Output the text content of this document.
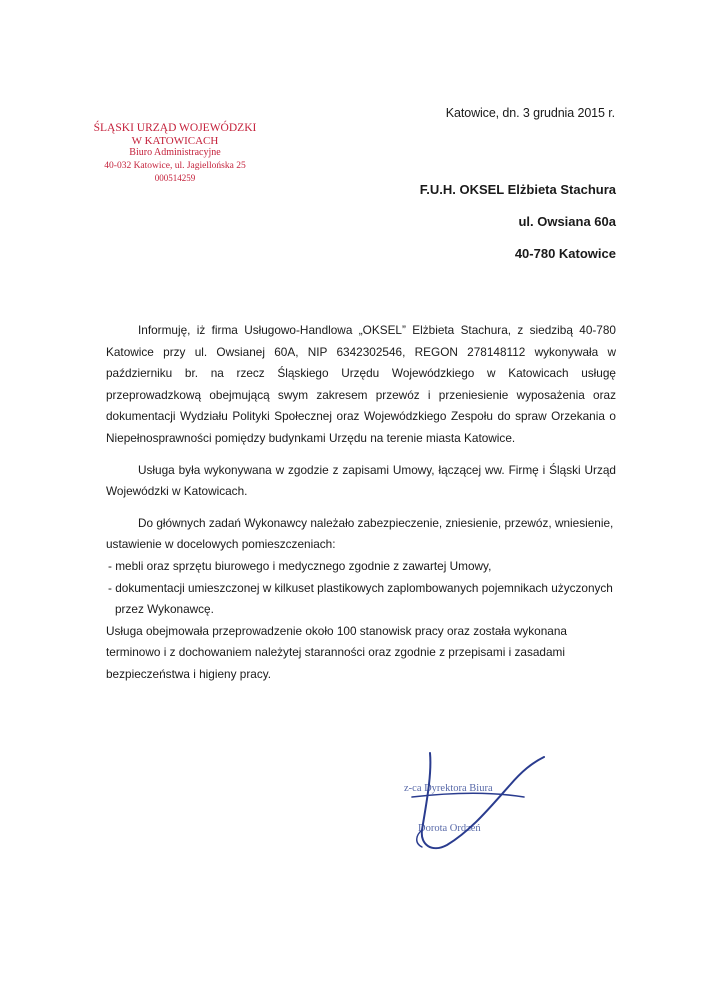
Katowice, dn. 3 grudnia 2015 r.
ŚLĄSKI URZĄD WOJEWÓDZKI
W KATOWICACH
Biuro Administracyjne
40-032 Katowice, ul. Jagiellońska 25
000514259
F.U.H. OKSEL Elżbieta Stachura
ul. Owsiana 60a
40-780 Katowice

Informuję, iż firma Usługowo-Handlowa „OKSEL” Elżbieta Stachura, z siedzibą 40-780 Katowice przy ul. Owsianej 60A, NIP 6342302546, REGON 278148112 wykonywała w październiku br. na rzecz Śląskiego Urzędu Wojewódzkiego w Katowicach usługę przeprowadzkową obejmującą swym zakresem przewóz i przeniesienie wyposażenia oraz dokumentacji Wydziału Polityki Społecznej oraz Wojewódzkiego Zespołu do spraw Orzekania o Niepełnosprawności pomiędzy budynkami Urzędu na terenie miasta Katowice.

Usługa była wykonywana w zgodzie z zapisami Umowy, łączącej ww. Firmę i Śląski Urząd Wojewódzki w Katowicach.

Do głównych zadań Wykonawcy należało zabezpieczenie, zniesienie, przewóz, wniesienie, ustawienie w docelowych pomieszczeniach:

- mebli oraz sprzętu biurowego i medycznego zgodnie z zawartej Umowy,

- dokumentacji umieszczonej w kilkuset plastikowych zaplombowanych pojemnikach użyczonych

przez Wykonawcę.

Usługa obejmowała przeprowadzenie około 100 stanowisk pracy oraz została wykonana

terminowo i z dochowaniem należytej staranności oraz zgodnie z przepisami i zasadami

bezpieczeństwa i higieny pracy.

z-ca Dyrektora Biura
Dorota Ordzeń
